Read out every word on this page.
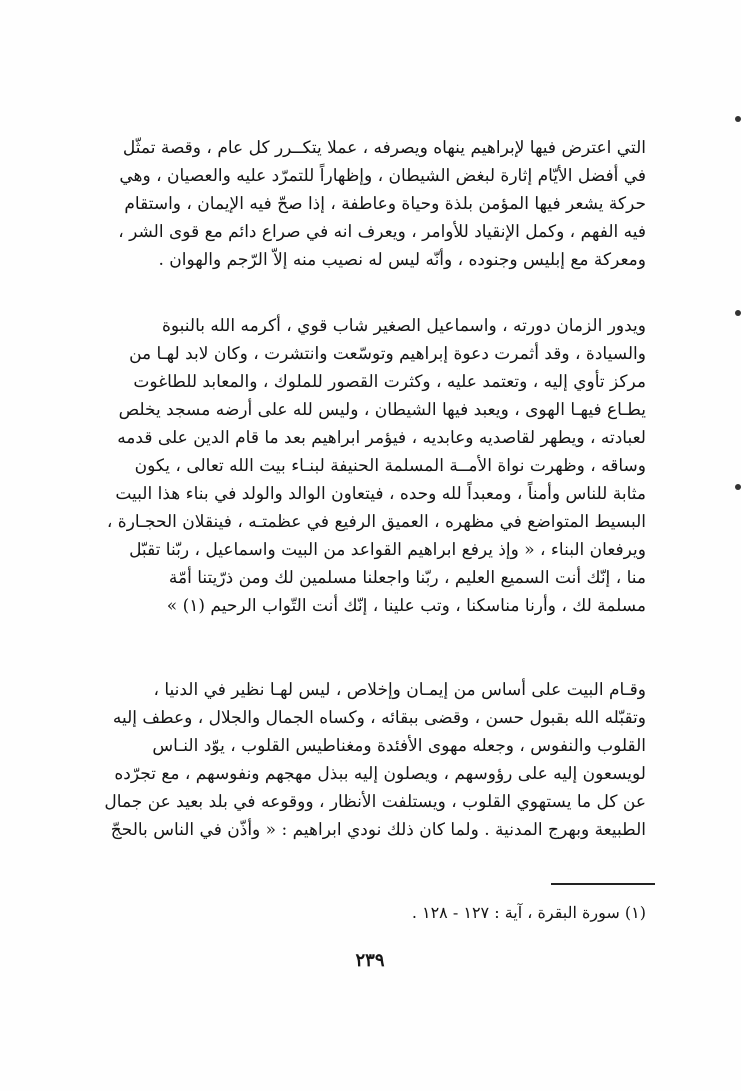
التي اعترض فيها لإبراهيم ينهاه ويصرفه ، عملا يتكــرر كل عام ، وقصة تمثّل
في أفضل الأيّام إثارة لبغض الشيطان ، وإظهاراً للتمرّد عليه والعصيان ، وهي
حركة يشعر فيها المؤمن بلذة وحياة وعاطفة ، إذا صحّ فيه الإيمان ، واستقام
فيه الفهم ، وكمل الإنقياد للأوامر ، ويعرف انه في صراع دائم مع قوى الشر ،
ومعركة مع إبليس وجنوده ، وأنّه ليس له نصيب منه إلاّ الرّجم والهوان .
ويدور الزمان دورته ، واسماعيل الصغير شاب قوي ، أكرمه الله بالنبوة
والسيادة ، وقد أثمرت دعوة إبراهيم وتوسّعت وانتشرت ، وكان لابد لهـا من
مركز تأوي إليه ، وتعتمد عليه ، وكثرت القصور للملوك ، والمعابد للطاغوت
يطـاع فيهـا الهوى ، ويعبد فيها الشيطان ، وليس لله على أرضه مسجد يخلص
لعبادته ، ويطهر لقاصديه وعابديه ، فيؤمر ابراهيم بعد ما قام الدين على قدمه
وساقه ، وظهرت نواة الأمــة المسلمة الحنيفة لبنـاء بيت الله تعالى ، يكون
مثابة للناس وأمناً ، ومعبداً لله وحده ، فيتعاون الوالد والولد في بناء هذا البيت
البسيط المتواضع في مظهره ، العميق الرفيع في عظمتـه ، فينقلان الحجـارة ،
ويرفعان البناء ، « وإذ يرفع ابراهيم القواعد من البيت واسماعيل ، ربّنا تقبّل
منا ، إنّك أنت السميع العليم ، ربّنا واجعلنا مسلمين لك ومن ذرّيتنا أمّة
مسلمة لك ، وأرنا مناسكنا ، وتب علينا ، إنّك أنت التّواب الرحيم (١) »
وقـام البيت على أساس من إيمـان وإخلاص ، ليس لهـا نظير في الدنيا ،
وتقبّله الله بقبول حسن ، وقضى ببقائه ، وكساه الجمال والجلال ، وعطف إليه
القلوب والنفوس ، وجعله مهوى الأفئدة ومغناطيس القلوب ، يوّد النـاس
لويسعون إليه على رؤوسهم ، ويصلون إليه ببذل مهجهم ونفوسهم ، مع تجرّده
عن كل ما يستهوي القلوب ، ويستلفت الأنظار ، ووقوعه في بلد بعيد عن جمال
الطبيعة وبهرج المدنية . ولما كان ذلك نودي ابراهيم : « وأذّن في الناس بالحجّ
(١) سورة البقرة ، آية : ١٢٧ - ١٢٨ .
٢٣٩
